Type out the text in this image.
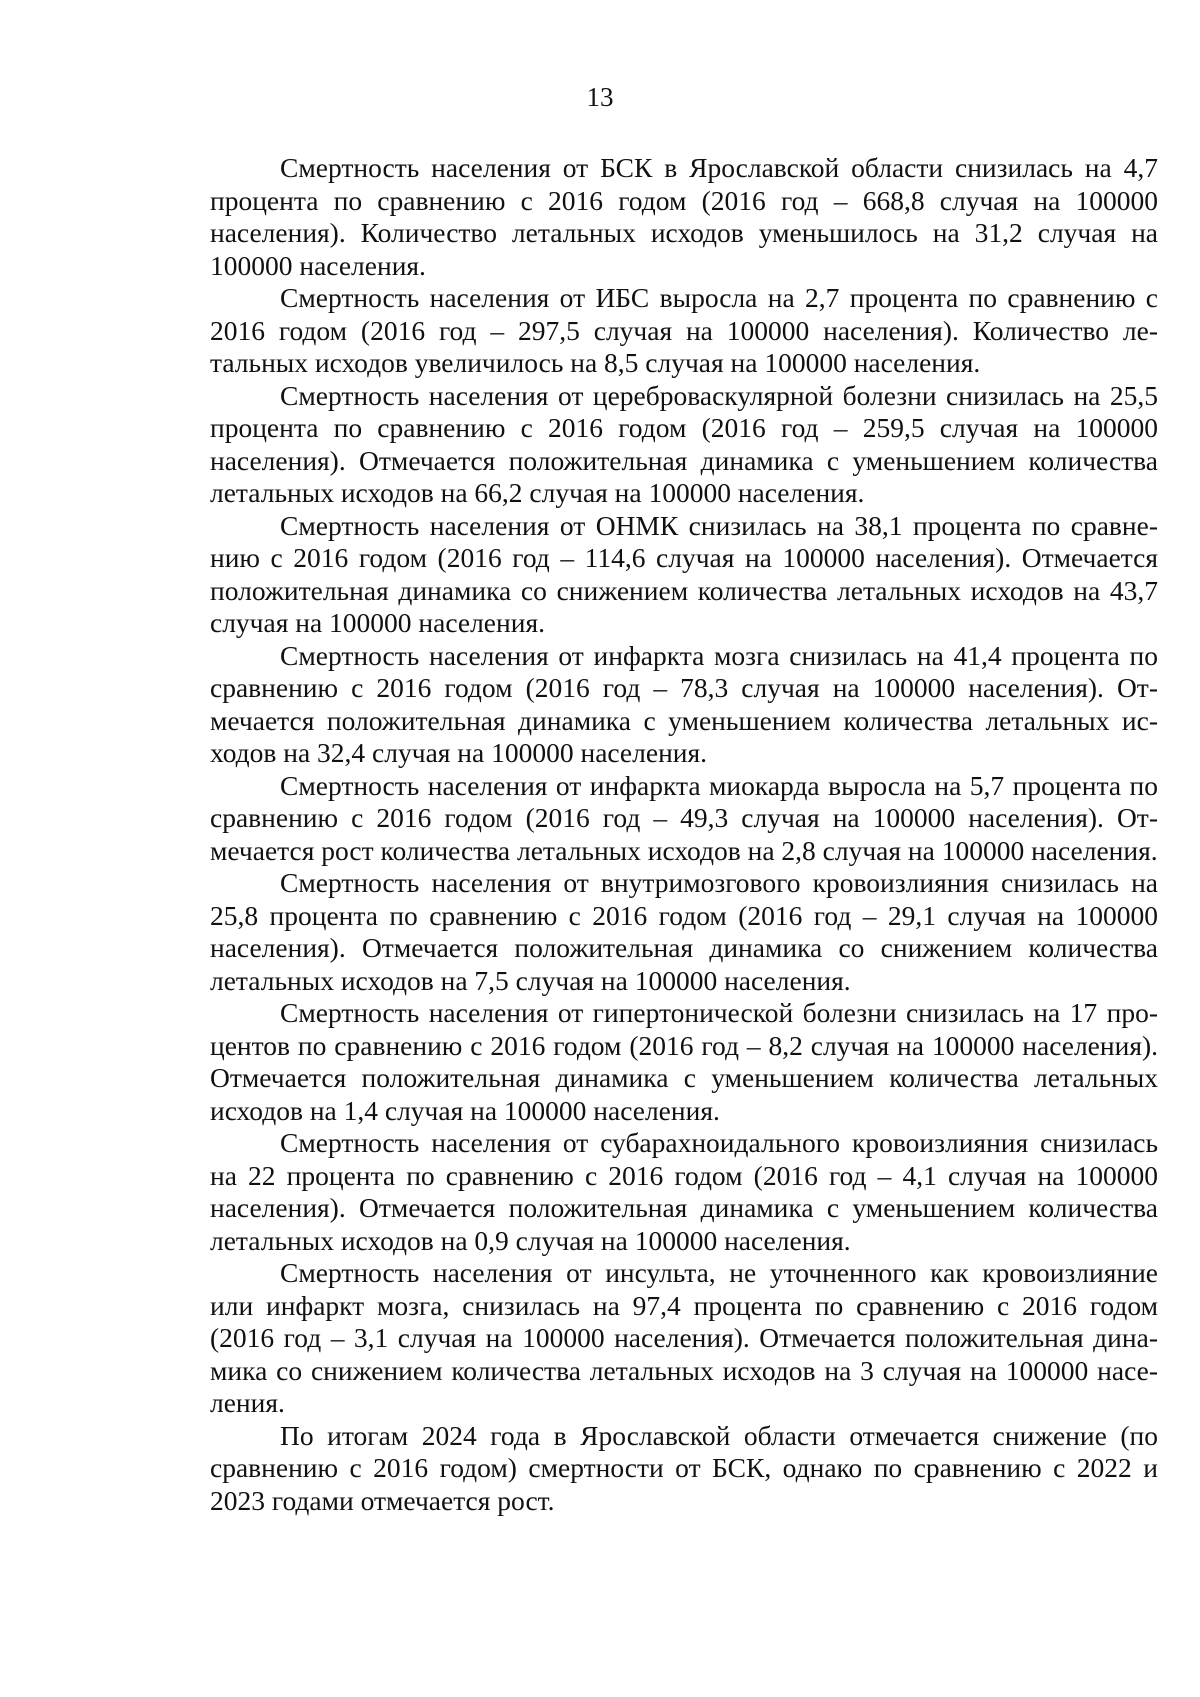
13

Смертность населения от БСК в Ярославской области снизилась на 4,7 процента по сравнению с 2016 годом (2016 год – 668,8 случая на 100000 населения). Количество летальных исходов уменьшилось на 31,2 случая на 100000 населения.

Смертность населения от ИБС выросла на 2,7 процента по сравнению с 2016 годом (2016 год – 297,5 случая на 100000 населения). Количество летальных исходов увеличилось на 8,5 случая на 100000 населения.

Смертность населения от цереброваскулярной болезни снизилась на 25,5 процента по сравнению с 2016 годом (2016 год – 259,5 случая на 100000 населения). Отмечается положительная динамика с уменьшением количества летальных исходов на 66,2 случая на 100000 населения.

Смертность населения от ОНМК снизилась на 38,1 процента по сравнению с 2016 годом (2016 год – 114,6 случая на 100000 населения). Отмечается положительная динамика со снижением количества летальных исходов на 43,7 случая на 100000 населения.

Смертность населения от инфаркта мозга снизилась на 41,4 процента по сравнению с 2016 годом (2016 год – 78,3 случая на 100000 населения). Отмечается положительная динамика с уменьшением количества летальных исходов на 32,4 случая на 100000 населения.

Смертность населения от инфаркта миокарда выросла на 5,7 процента по сравнению с 2016 годом (2016 год – 49,3 случая на 100000 населения). Отмечается рост количества летальных исходов на 2,8 случая на 100000 населения.

Смертность населения от внутримозгового кровоизлияния снизилась на 25,8 процента по сравнению с 2016 годом (2016 год – 29,1 случая на 100000 населения). Отмечается положительная динамика со снижением количества летальных исходов на 7,5 случая на 100000 населения.

Смертность населения от гипертонической болезни снизилась на 17 процентов по сравнению с 2016 годом (2016 год – 8,2 случая на 100000 населения). Отмечается положительная динамика с уменьшением количества летальных исходов на 1,4 случая на 100000 населения.

Смертность населения от субарахноидального кровоизлияния снизилась на 22 процента по сравнению с 2016 годом (2016 год – 4,1 случая на 100000 населения). Отмечается положительная динамика с уменьшением количества летальных исходов на 0,9 случая на 100000 населения.

Смертность населения от инсульта, не уточненного как кровоизлияние или инфаркт мозга, снизилась на 97,4 процента по сравнению с 2016 годом (2016 год – 3,1 случая на 100000 населения). Отмечается положительная динамика со снижением количества летальных исходов на 3 случая на 100000 населения.

По итогам 2024 года в Ярославской области отмечается снижение (по сравнению с 2016 годом) смертности от БСК, однако по сравнению с 2022 и 2023 годами отмечается рост.
